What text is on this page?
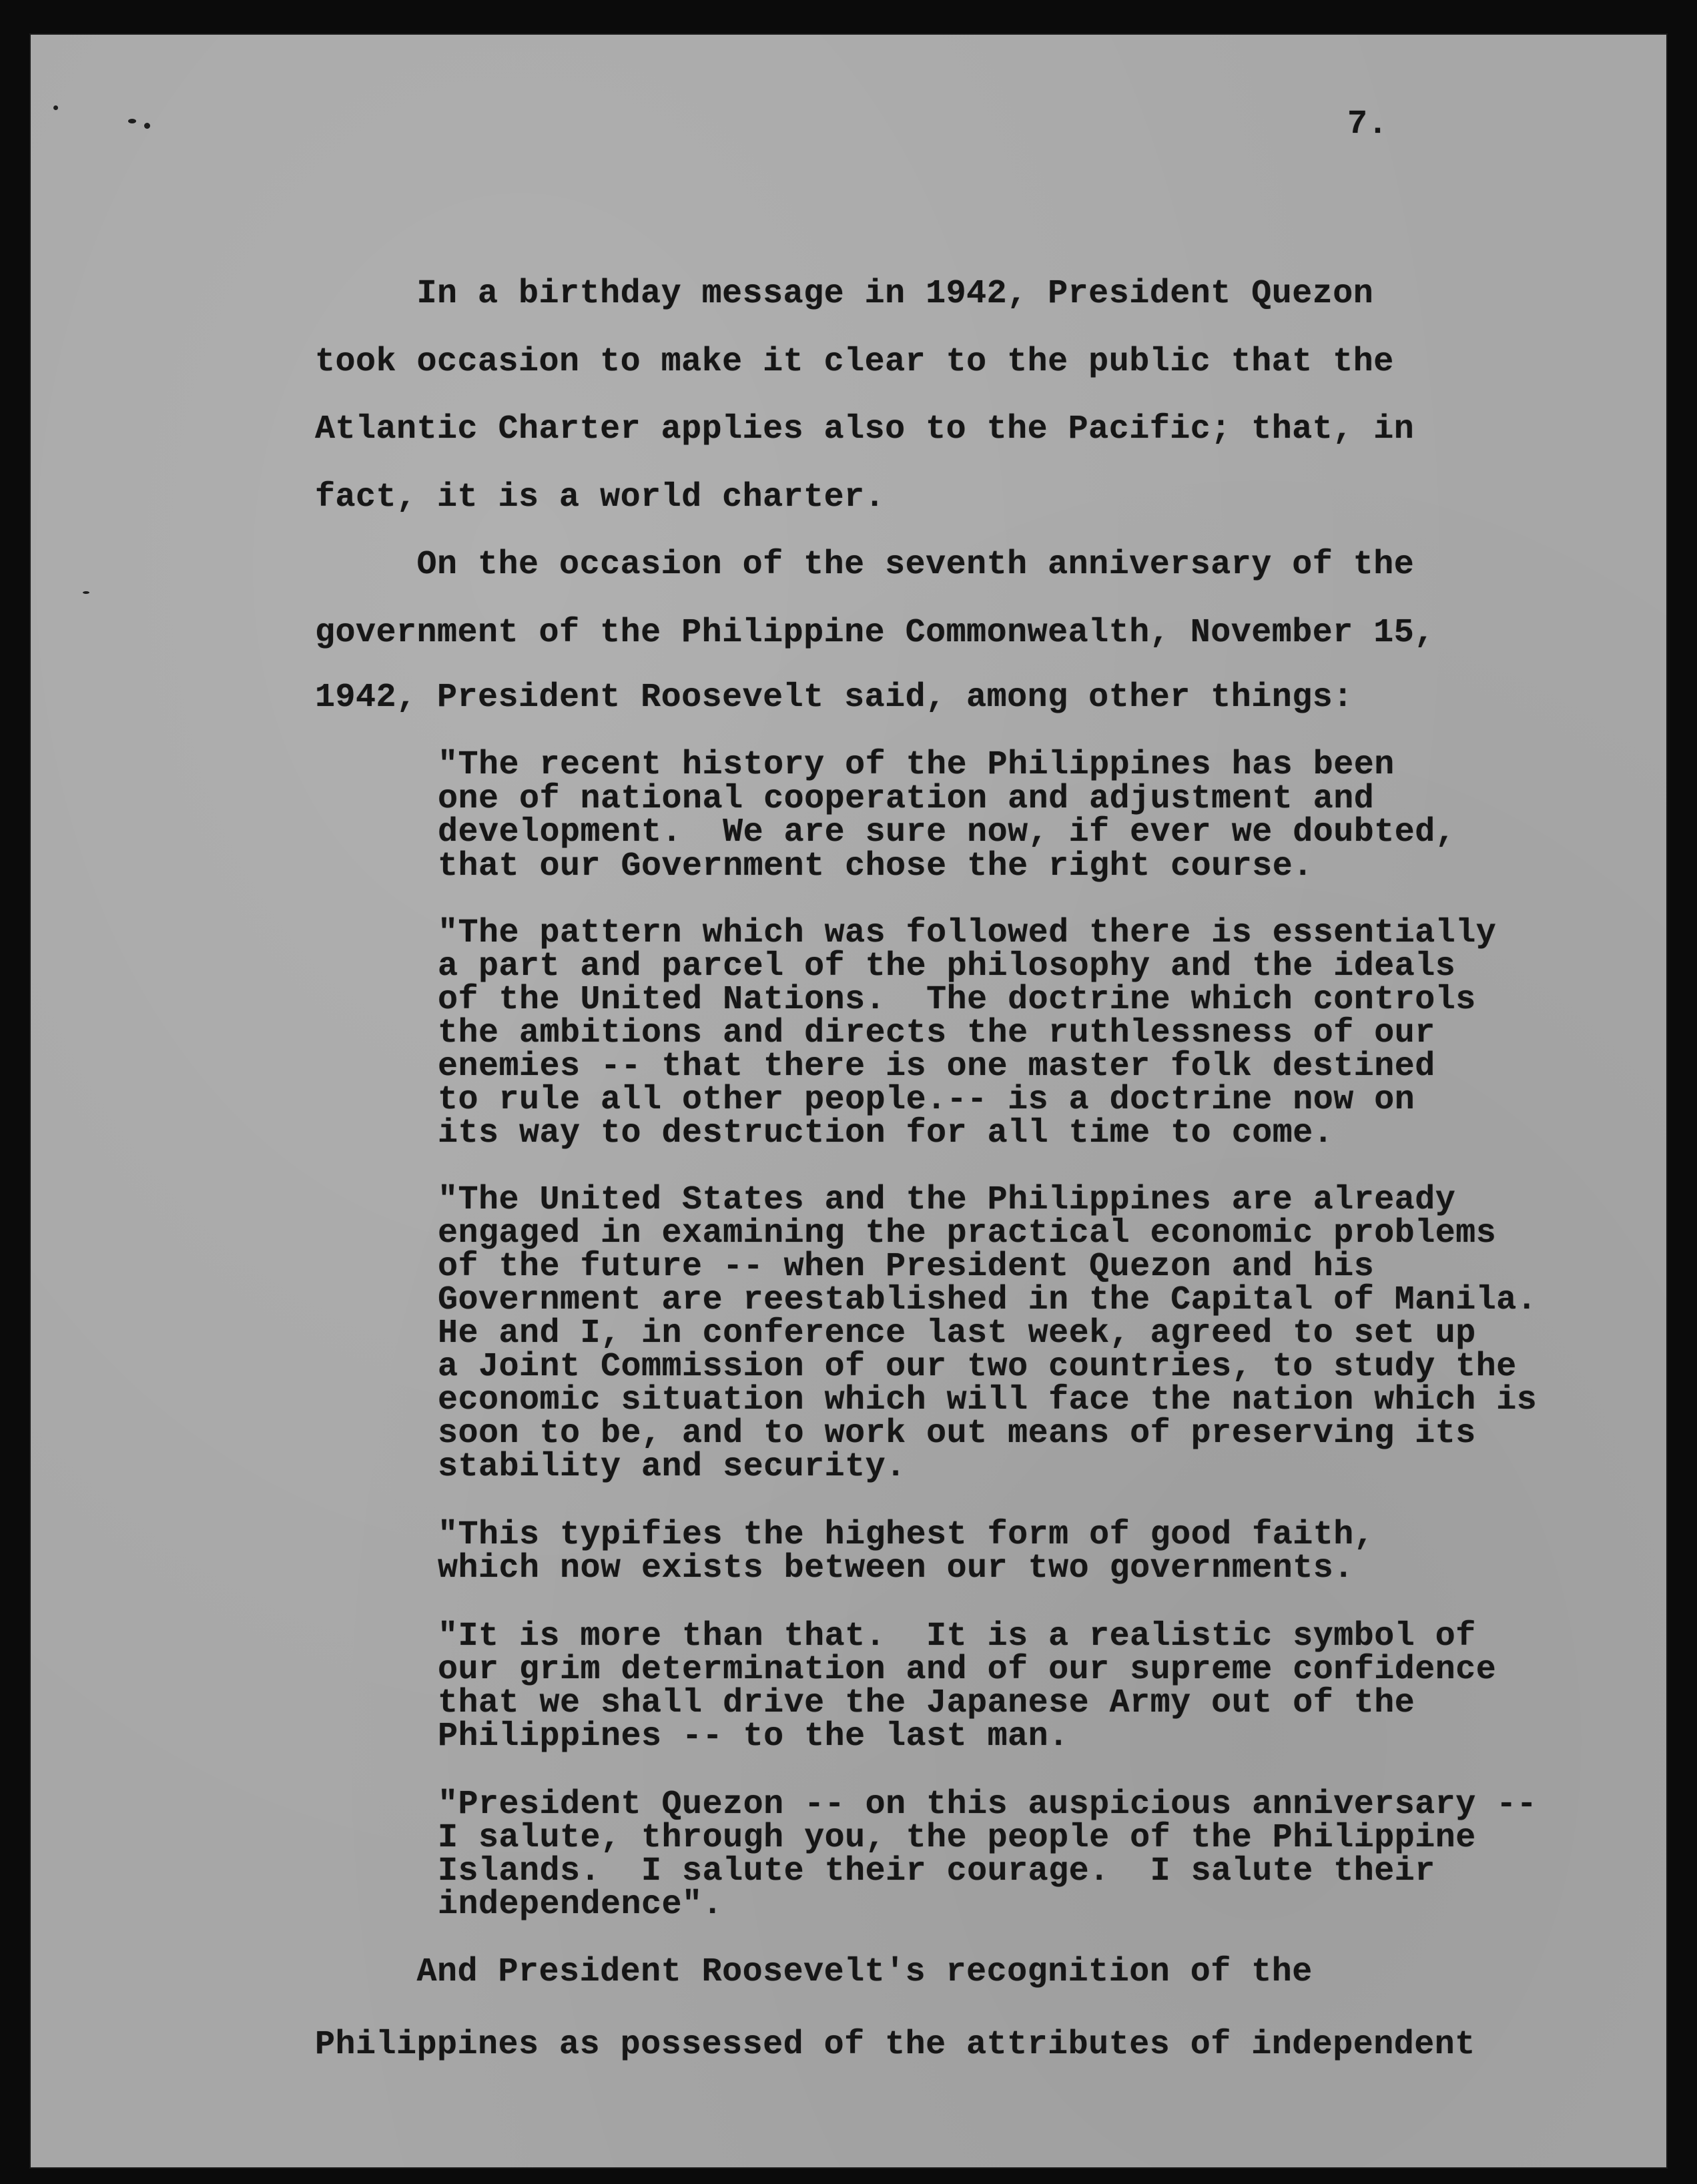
7.
In a birthday message in 1942, President Quezon
took occasion to make it clear to the public that the
Atlantic Charter applies also to the Pacific; that, in
fact, it is a world charter.
On the occasion of the seventh anniversary of the
government of the Philippine Commonwealth, November 15,
1942, President Roosevelt said, among other things:
"The recent history of the Philippines has been
one of national cooperation and adjustment and
development.  We are sure now, if ever we doubted,
that our Government chose the right course.
"The pattern which was followed there is essentially
a part and parcel of the philosophy and the ideals
of the United Nations.  The doctrine which controls
the ambitions and directs the ruthlessness of our
enemies -- that there is one master folk destined
to rule all other people.-- is a doctrine now on
its way to destruction for all time to come.
"The United States and the Philippines are already
engaged in examining the practical economic problems
of the future -- when President Quezon and his
Government are reestablished in the Capital of Manila.
He and I, in conference last week, agreed to set up
a Joint Commission of our two countries, to study the
economic situation which will face the nation which is
soon to be, and to work out means of preserving its
stability and security.
"This typifies the highest form of good faith,
which now exists between our two governments.
"It is more than that.  It is a realistic symbol of
our grim determination and of our supreme confidence
that we shall drive the Japanese Army out of the
Philippines -- to the last man.
"President Quezon -- on this auspicious anniversary --
I salute, through you, the people of the Philippine
Islands.  I salute their courage.  I salute their
independence".
And President Roosevelt's recognition of the
Philippines as possessed of the attributes of independent
